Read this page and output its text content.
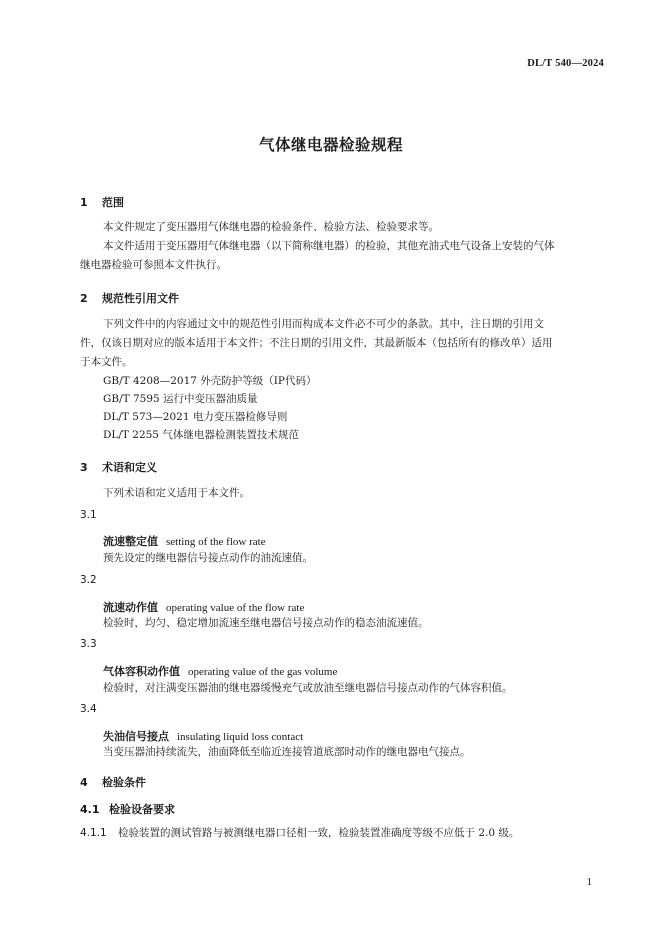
DL/T 540—2024
气体继电器检验规程
1 范围
本文件规定了变压器用气体继电器的检验条件、检验方法、检验要求等。
本文件适用于变压器用气体继电器（以下简称继电器）的检验，其他充油式电气设备上安装的气体
继电器检验可参照本文件执行。
2 规范性引用文件
下列文件中的内容通过文中的规范性引用而构成本文件必不可少的条款。其中，注日期的引用文
件，仅该日期对应的版本适用于本文件；不注日期的引用文件，其最新版本（包括所有的修改单）适用
于本文件。
GB/T 4208—2017 外壳防护等级（IP代码）
GB/T 7595 运行中变压器油质量
DL/T 573—2021 电力变压器检修导则
DL/T 2255 气体继电器检测装置技术规范
3 术语和定义
下列术语和定义适用于本文件。
3.1
流速整定值 setting of the flow rate
预先设定的继电器信号接点动作的油流速值。
3.2
流速动作值 operating value of the flow rate
检验时，均匀、稳定增加流速至继电器信号接点动作的稳态油流速值。
3.3
气体容积动作值 operating value of the gas volume
检验时，对注满变压器油的继电器缓慢充气或放油至继电器信号接点动作的气体容积值。
3.4
失油信号接点 insulating liquid loss contact
当变压器油持续流失，油面降低至临近连接管道底部时动作的继电器电气接点。
4 检验条件
4.1 检验设备要求
4.1.1 检验装置的测试管路与被测继电器口径相一致，检验装置准确度等级不应低于 2.0 级。
1
